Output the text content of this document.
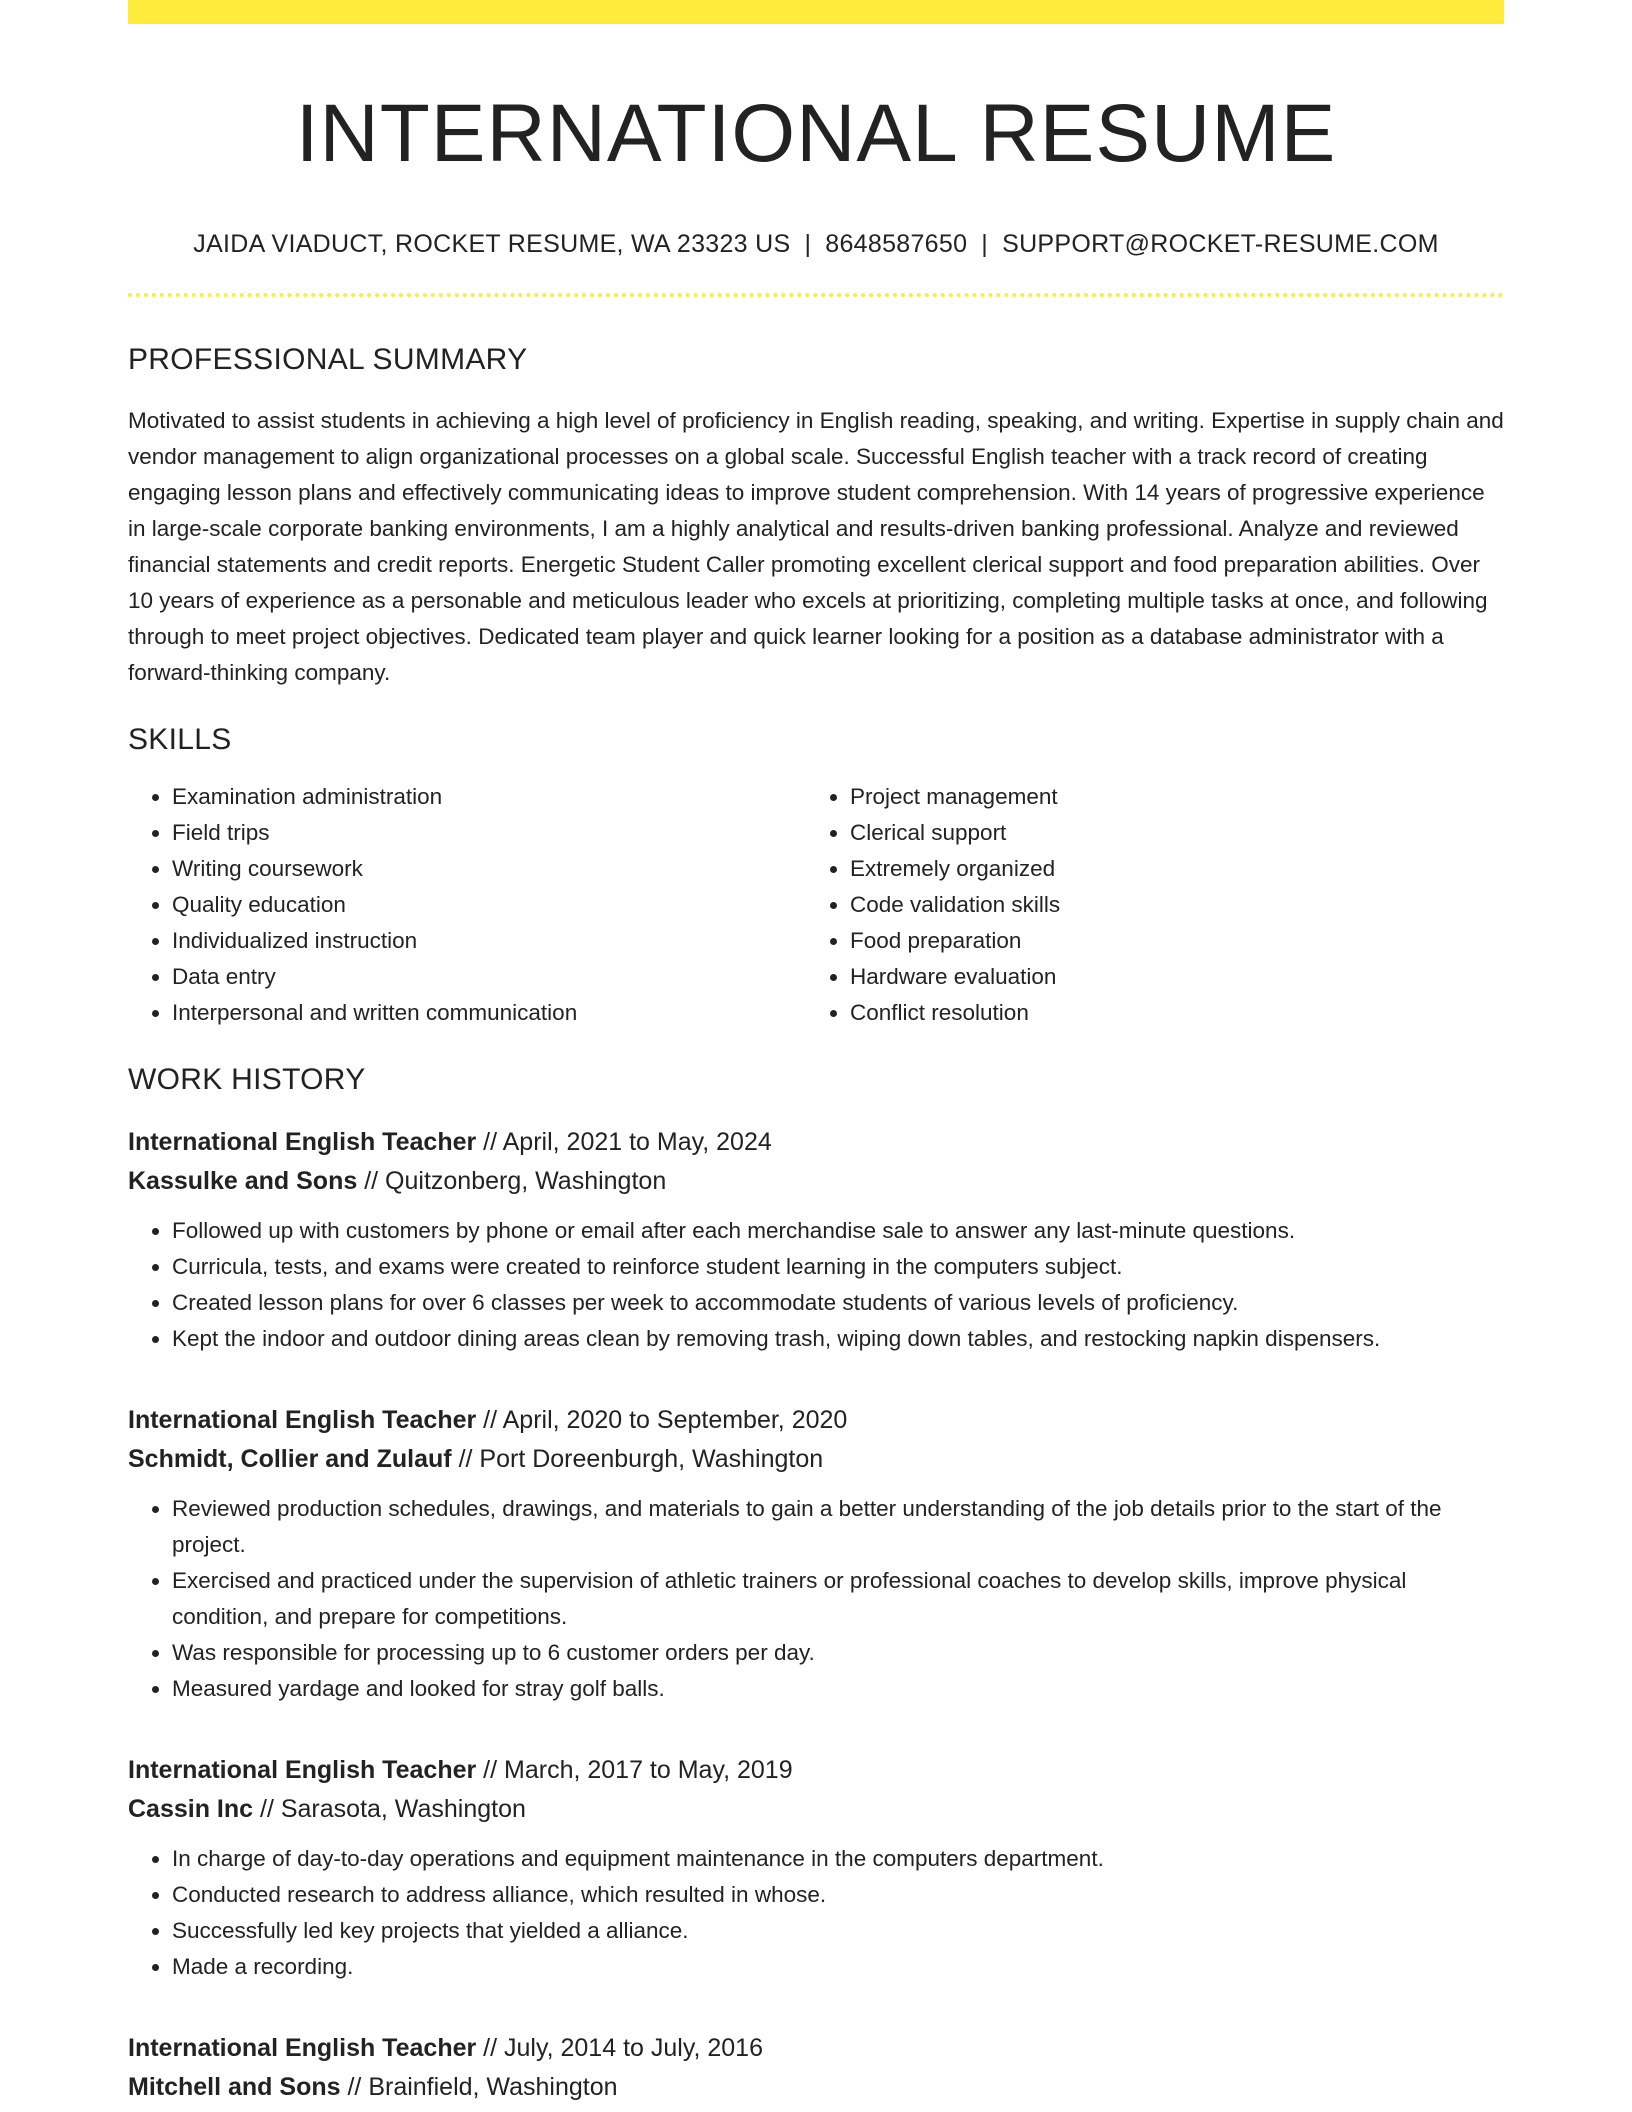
INTERNATIONAL RESUME
JAIDA VIADUCT, ROCKET RESUME, WA 23323 US | 8648587650 | SUPPORT@ROCKET-RESUME.COM
PROFESSIONAL SUMMARY
Motivated to assist students in achieving a high level of proficiency in English reading, speaking, and writing. Expertise in supply chain and vendor management to align organizational processes on a global scale. Successful English teacher with a track record of creating engaging lesson plans and effectively communicating ideas to improve student comprehension. With 14 years of progressive experience in large-scale corporate banking environments, I am a highly analytical and results-driven banking professional. Analyze and reviewed financial statements and credit reports. Energetic Student Caller promoting excellent clerical support and food preparation abilities. Over 10 years of experience as a personable and meticulous leader who excels at prioritizing, completing multiple tasks at once, and following through to meet project objectives. Dedicated team player and quick learner looking for a position as a database administrator with a forward-thinking company.
SKILLS
• Examination administration
• Field trips
• Writing coursework
• Quality education
• Individualized instruction
• Data entry
• Interpersonal and written communication
• Project management
• Clerical support
• Extremely organized
• Code validation skills
• Food preparation
• Hardware evaluation
• Conflict resolution
WORK HISTORY
International English Teacher // April, 2021 to May, 2024
Kassulke and Sons // Quitzonberg, Washington
• Followed up with customers by phone or email after each merchandise sale to answer any last-minute questions.
• Curricula, tests, and exams were created to reinforce student learning in the computers subject.
• Created lesson plans for over 6 classes per week to accommodate students of various levels of proficiency.
• Kept the indoor and outdoor dining areas clean by removing trash, wiping down tables, and restocking napkin dispensers.
International English Teacher // April, 2020 to September, 2020
Schmidt, Collier and Zulauf // Port Doreenburgh, Washington
• Reviewed production schedules, drawings, and materials to gain a better understanding of the job details prior to the start of the project.
• Exercised and practiced under the supervision of athletic trainers or professional coaches to develop skills, improve physical condition, and prepare for competitions.
• Was responsible for processing up to 6 customer orders per day.
• Measured yardage and looked for stray golf balls.
International English Teacher // March, 2017 to May, 2019
Cassin Inc // Sarasota, Washington
• In charge of day-to-day operations and equipment maintenance in the computers department.
• Conducted research to address alliance, which resulted in whose.
• Successfully led key projects that yielded a alliance.
• Made a recording.
International English Teacher // July, 2014 to July, 2016
Mitchell and Sons // Brainfield, Washington
